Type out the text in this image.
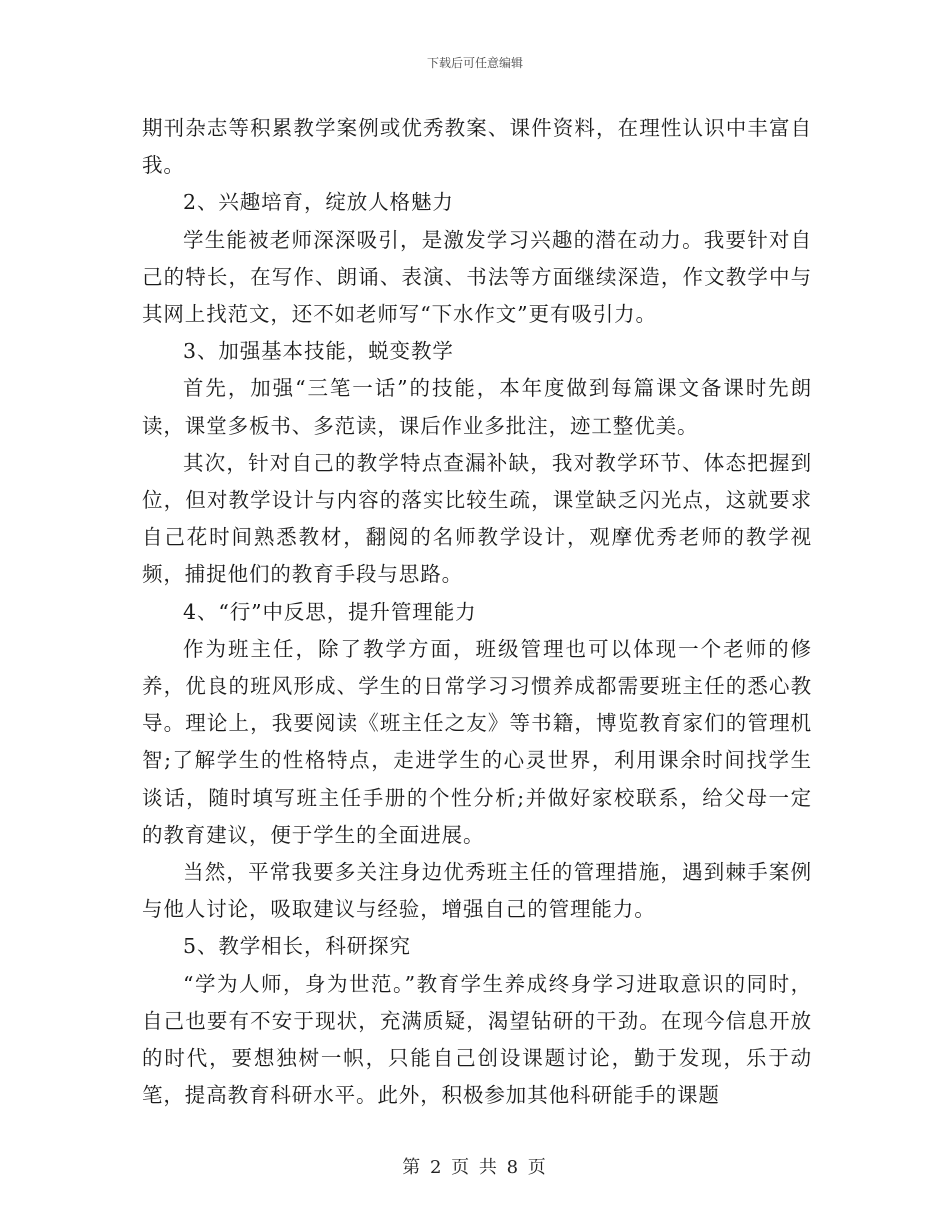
下载后可任意编辑

期刊杂志等积累教学案例或优秀教案、课件资料，在理性认识中丰富自我。

2、兴趣培育，绽放人格魅力

学生能被老师深深吸引，是激发学习兴趣的潜在动力。我要针对自己的特长，在写作、朗诵、表演、书法等方面继续深造，作文教学中与其网上找范文，还不如老师写“下水作文”更有吸引力。

3、加强基本技能，蜕变教学

首先，加强“三笔一话”的技能，本年度做到每篇课文备课时先朗读，课堂多板书、多范读，课后作业多批注，迹工整优美。

其次，针对自己的教学特点查漏补缺，我对教学环节、体态把握到位，但对教学设计与内容的落实比较生疏，课堂缺乏闪光点，这就要求自己花时间熟悉教材，翻阅的名师教学设计，观摩优秀老师的教学视频，捕捉他们的教育手段与思路。

4、“行”中反思，提升管理能力

作为班主任，除了教学方面，班级管理也可以体现一个老师的修养，优良的班风形成、学生的日常学习习惯养成都需要班主任的悉心教导。理论上，我要阅读《班主任之友》等书籍，博览教育家们的管理机智;了解学生的性格特点，走进学生的心灵世界，利用课余时间找学生谈话，随时填写班主任手册的个性分析;并做好家校联系，给父母一定的教育建议，便于学生的全面进展。

当然，平常我要多关注身边优秀班主任的管理措施，遇到棘手案例与他人讨论，吸取建议与经验，增强自己的管理能力。

5、教学相长，科研探究

“学为人师，身为世范。”教育学生养成终身学习进取意识的同时，自己也要有不安于现状，充满质疑，渴望钻研的干劲。在现今信息开放的时代，要想独树一帜，只能自己创设课题讨论，勤于发现，乐于动笔，提高教育科研水平。此外，积极参加其他科研能手的课题

第 2 页 共 8 页
